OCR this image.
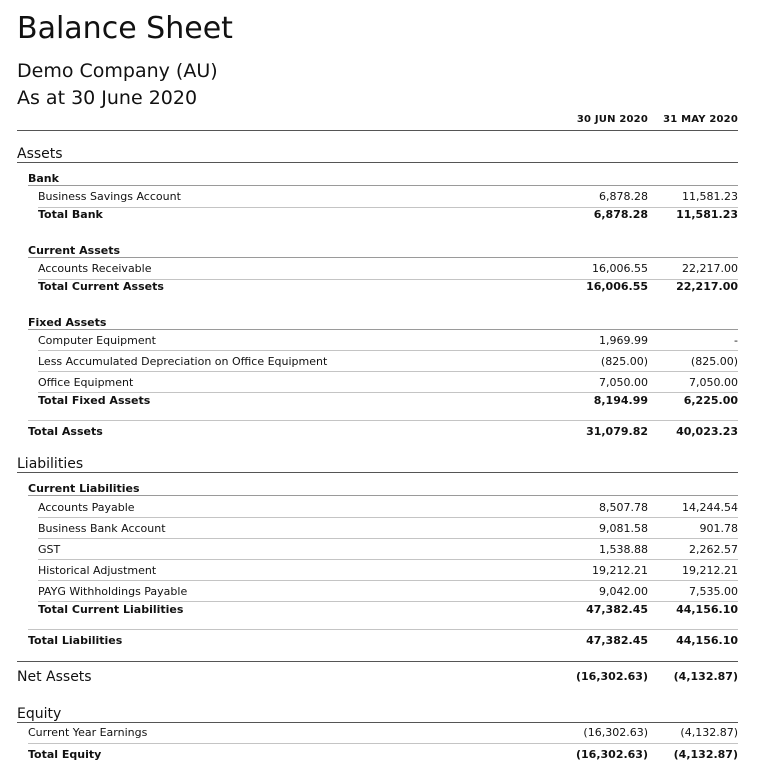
Balance Sheet
Demo Company (AU)
As at 30 June 2020
30 JUN 2020	31 MAY 2020
Assets
Bank
Business Savings Account	6,878.28	11,581.23
Total Bank	6,878.28	11,581.23
Current Assets
Accounts Receivable	16,006.55	22,217.00
Total Current Assets	16,006.55	22,217.00
Fixed Assets
Computer Equipment	1,969.99	-
Less Accumulated Depreciation on Office Equipment	(825.00)	(825.00)
Office Equipment	7,050.00	7,050.00
Total Fixed Assets	8,194.99	6,225.00
Total Assets	31,079.82	40,023.23
Liabilities
Current Liabilities
Accounts Payable	8,507.78	14,244.54
Business Bank Account	9,081.58	901.78
GST	1,538.88	2,262.57
Historical Adjustment	19,212.21	19,212.21
PAYG Withholdings Payable	9,042.00	7,535.00
Total Current Liabilities	47,382.45	44,156.10
Total Liabilities	47,382.45	44,156.10
Net Assets	(16,302.63)	(4,132.87)
Equity
Current Year Earnings	(16,302.63)	(4,132.87)
Total Equity	(16,302.63)	(4,132.87)
